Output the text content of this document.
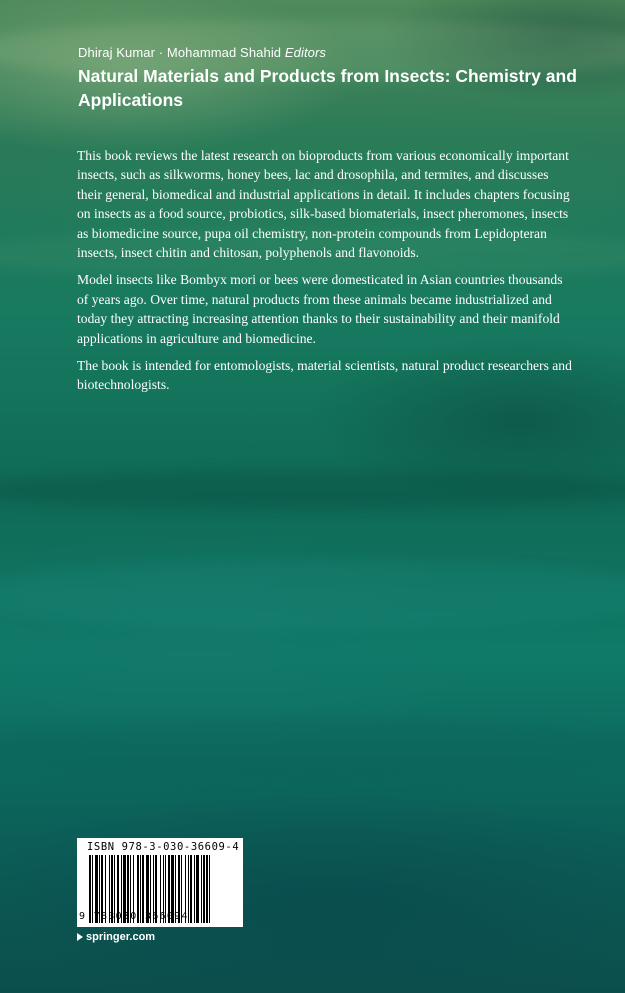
Dhiraj Kumar · Mohammad Shahid Editors
Natural Materials and Products from Insects: Chemistry and Applications

This book reviews the latest research on bioproducts from various economically important insects, such as silkworms, honey bees, lac and drosophila, and termites, and discusses their general, biomedical and industrial applications in detail. It includes chapters focusing on insects as a food source, probiotics, silk-based biomaterials, insect pheromones, insects as biomedicine source, pupa oil chemistry, non-protein compounds from Lepidopteran insects, insect chitin and chitosan, polyphenols and flavonoids.

Model insects like Bombyx mori or bees were domesticated in Asian countries thousands of years ago. Over time, natural products from these animals became industrialized and today they attracting increasing attention thanks to their sustainability and their manifold applications in agriculture and biomedicine.

The book is intended for entomologists, material scientists, natural product researchers and biotechnologists.

ISBN 978-3-030-36609-4
9 783030 366094
springer.com
